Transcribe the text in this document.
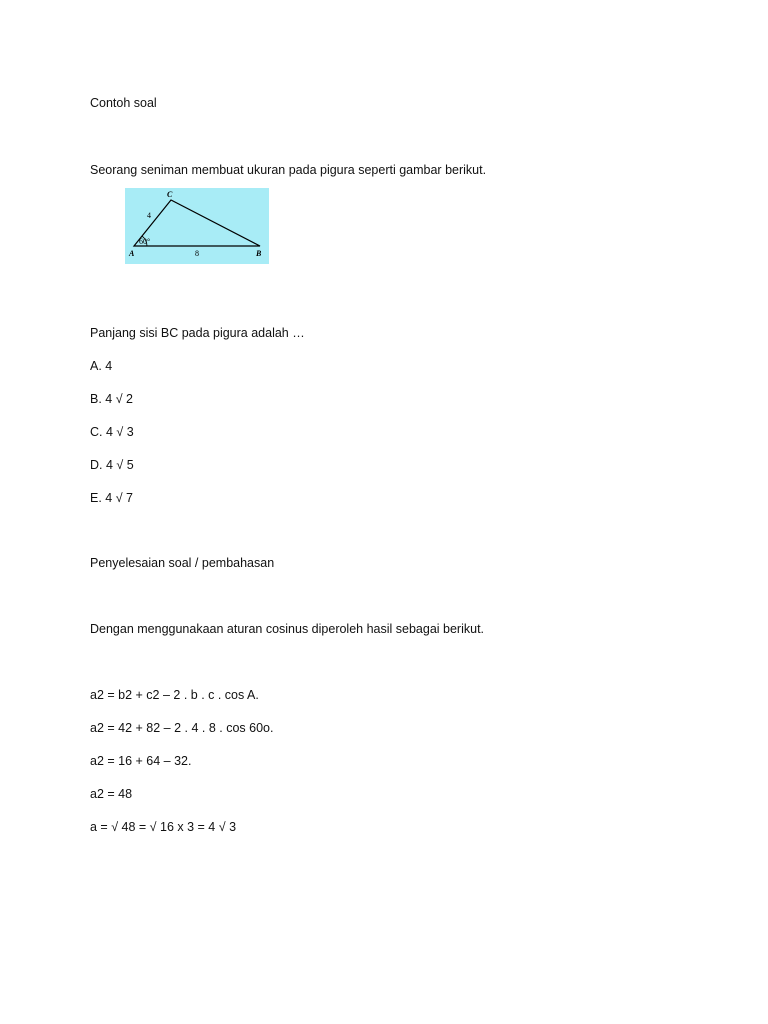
Contoh soal
Seorang seniman membuat ukuran pada pigura seperti gambar berikut.
A	B
C
4
8
60°
Panjang sisi BC pada pigura adalah …
A. 4
B. 4 √ 2
C. 4 √ 3
D. 4 √ 5
E. 4 √ 7
Penyelesaian soal / pembahasan
Dengan menggunakaan aturan cosinus diperoleh hasil sebagai berikut.
a2 = b2 + c2 – 2 . b . c . cos A.
a2 = 42 + 82 – 2 . 4 . 8 . cos 60o.
a2 = 16 + 64 – 32.
a2 = 48
a = √ 48 = √ 16 x 3 = 4 √ 3
